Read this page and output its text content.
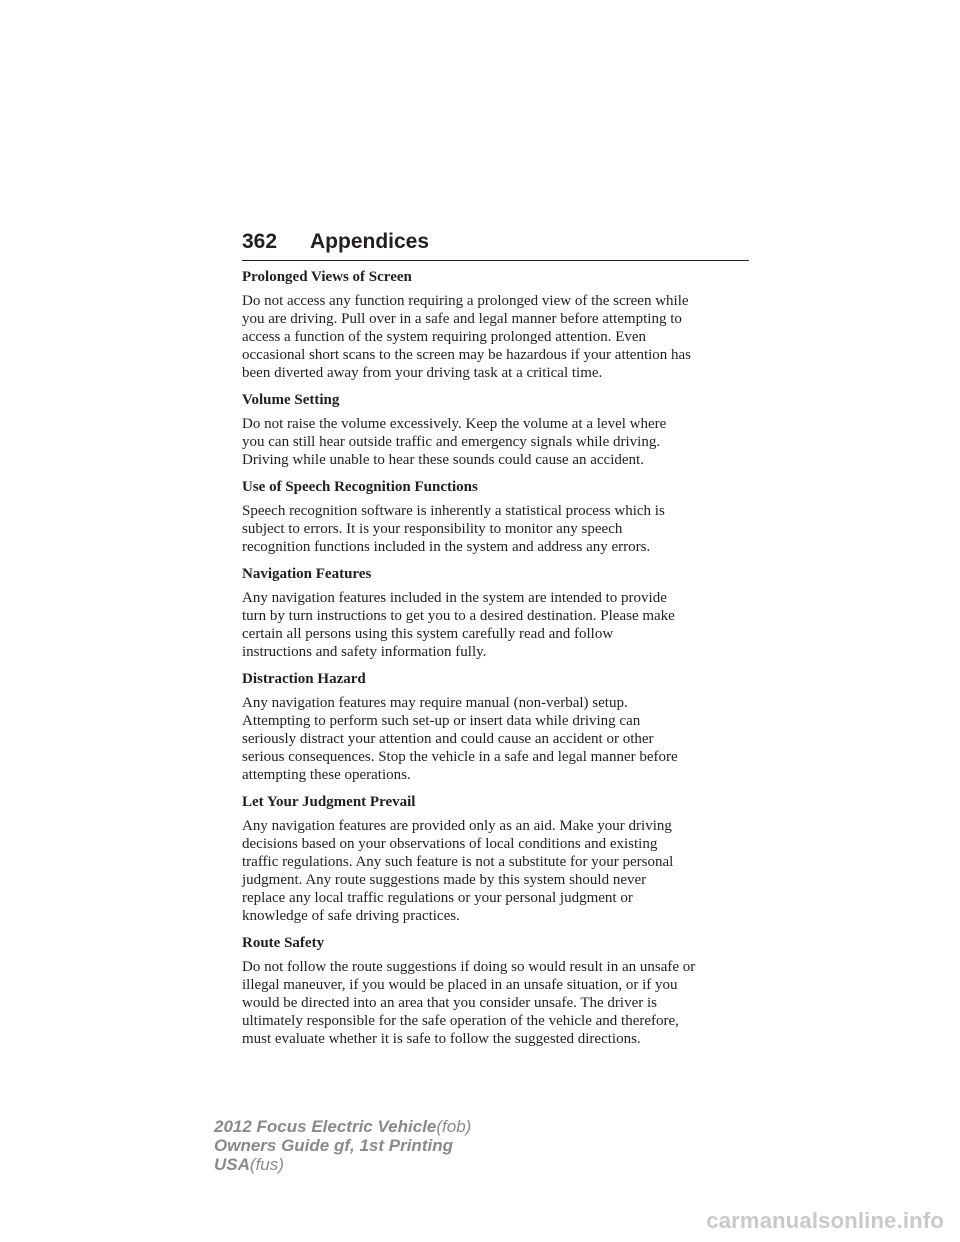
362 Appendices
Prolonged Views of Screen
Do not access any function requiring a prolonged view of the screen while
you are driving. Pull over in a safe and legal manner before attempting to
access a function of the system requiring prolonged attention. Even
occasional short scans to the screen may be hazardous if your attention has
been diverted away from your driving task at a critical time.
Volume Setting
Do not raise the volume excessively. Keep the volume at a level where
you can still hear outside traffic and emergency signals while driving.
Driving while unable to hear these sounds could cause an accident.
Use of Speech Recognition Functions
Speech recognition software is inherently a statistical process which is
subject to errors. It is your responsibility to monitor any speech
recognition functions included in the system and address any errors.
Navigation Features
Any navigation features included in the system are intended to provide
turn by turn instructions to get you to a desired destination. Please make
certain all persons using this system carefully read and follow
instructions and safety information fully.
Distraction Hazard
Any navigation features may require manual (non-verbal) setup.
Attempting to perform such set-up or insert data while driving can
seriously distract your attention and could cause an accident or other
serious consequences. Stop the vehicle in a safe and legal manner before
attempting these operations.
Let Your Judgment Prevail
Any navigation features are provided only as an aid. Make your driving
decisions based on your observations of local conditions and existing
traffic regulations. Any such feature is not a substitute for your personal
judgment. Any route suggestions made by this system should never
replace any local traffic regulations or your personal judgment or
knowledge of safe driving practices.
Route Safety
Do not follow the route suggestions if doing so would result in an unsafe or
illegal maneuver, if you would be placed in an unsafe situation, or if you
would be directed into an area that you consider unsafe. The driver is
ultimately responsible for the safe operation of the vehicle and therefore,
must evaluate whether it is safe to follow the suggested directions.
2012 Focus Electric Vehicle(fob)
Owners Guide gf, 1st Printing
USA(fus)
carmanualsonline.info
